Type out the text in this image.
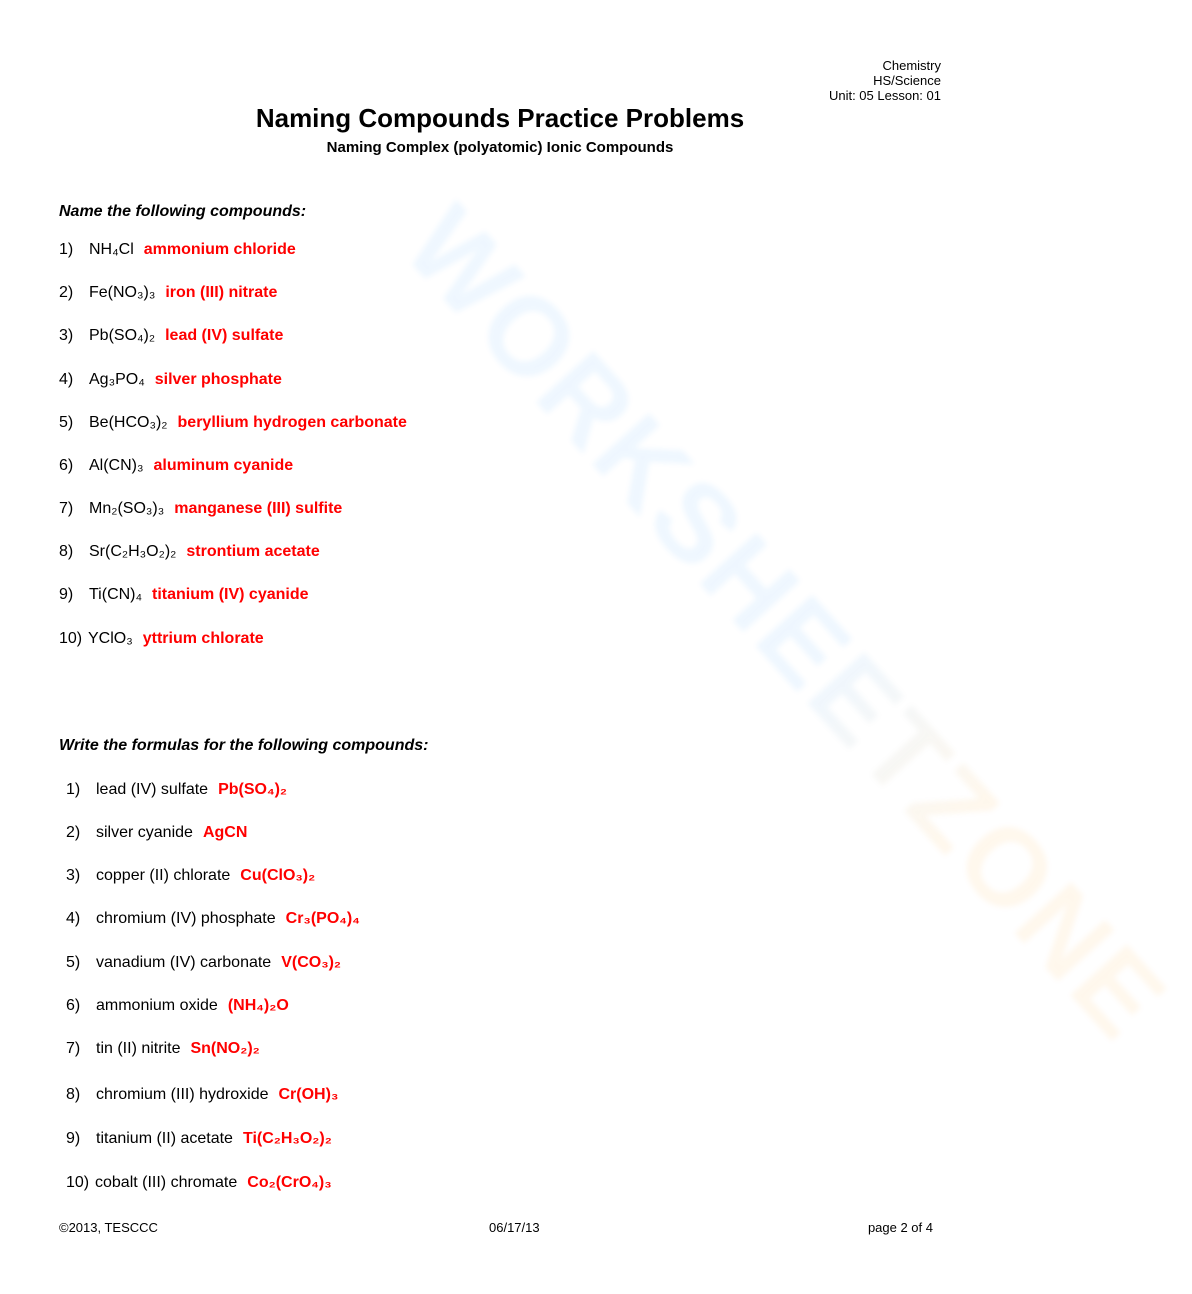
WORKSHEETZONE
Chemistry
HS/Science
Unit: 05 Lesson: 01
Naming Compounds Practice Problems
Naming Complex (polyatomic) Ionic Compounds
Name the following compounds:
1) NH₄Cl ammonium chloride
2) Fe(NO₃)₃ iron (III) nitrate
3) Pb(SO₄)₂ lead (IV) sulfate
4) Ag₃PO₄ silver phosphate
5) Be(HCO₃)₂ beryllium hydrogen carbonate
6) Al(CN)₃ aluminum cyanide
7) Mn₂(SO₃)₃ manganese (III) sulfite
8) Sr(C₂H₃O₂)₂ strontium acetate
9) Ti(CN)₄ titanium (IV) cyanide
10) YClO₃ yttrium chlorate
Write the formulas for the following compounds:
1) lead (IV) sulfate Pb(SO₄)₂
2) silver cyanide AgCN
3) copper (II) chlorate Cu(ClO₃)₂
4) chromium (IV) phosphate Cr₃(PO₄)₄
5) vanadium (IV) carbonate V(CO₃)₂
6) ammonium oxide (NH₄)₂O
7) tin (II) nitrite Sn(NO₂)₂
8) chromium (III) hydroxide Cr(OH)₃
9) titanium (II) acetate Ti(C₂H₃O₂)₂
10) cobalt (III) chromate Co₂(CrO₄)₃
©2013, TESCCC	06/17/13	page 2 of 4
